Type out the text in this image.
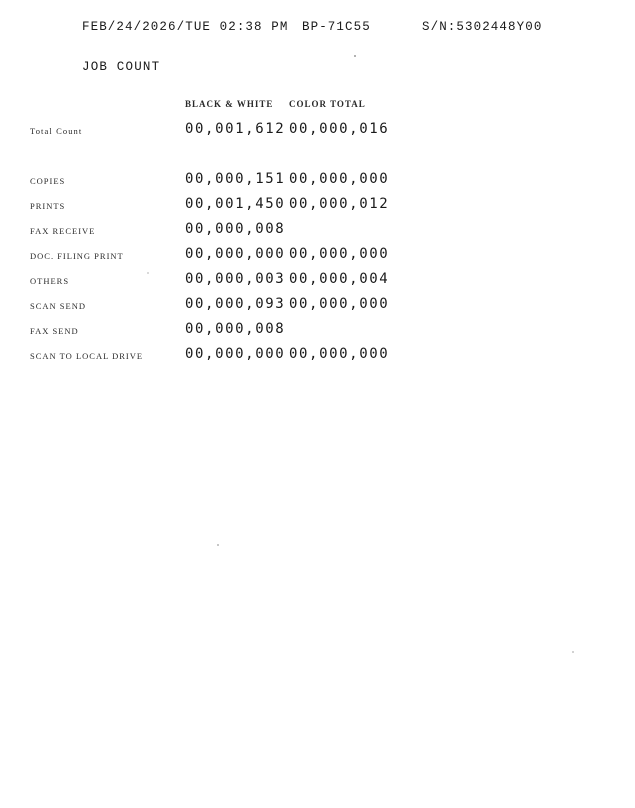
FEB/24/2026/TUE 02:38 PM BP-71C55	S/N:5302448Y00
JOB COUNT
BLACK & WHITE COLOR TOTAL
Total Count	00,001,612 00,000,016
COPIES	00,000,151 00,000,000
PRINTS	00,001,450 00,000,012
FAX RECEIVE	00,000,008
DOC. FILING PRINT	00,000,000 00,000,000
OTHERS	00,000,003 00,000,004
SCAN SEND	00,000,093 00,000,000
FAX SEND	00,000,008
SCAN TO LOCAL DRIVE	00,000,000 00,000,000
